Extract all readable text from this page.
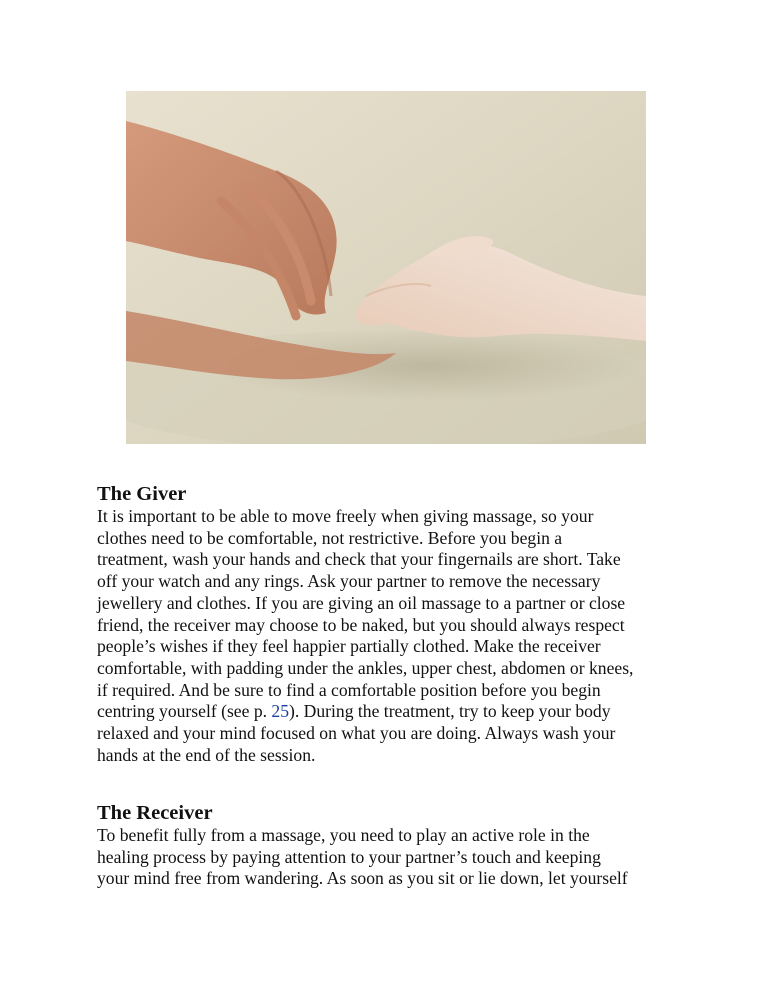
The Giver

It is important to be able to move freely when giving massage, so your
clothes need to be comfortable, not restrictive. Before you begin a
treatment, wash your hands and check that your fingernails are short. Take
off your watch and any rings. Ask your partner to remove the necessary
jewellery and clothes. If you are giving an oil massage to a partner or close
friend, the receiver may choose to be naked, but you should always respect
people’s wishes if they feel happier partially clothed. Make the receiver
comfortable, with padding under the ankles, upper chest, abdomen or knees,
if required. And be sure to find a comfortable position before you begin
centring yourself (see p. 25). During the treatment, try to keep your body
relaxed and your mind focused on what you are doing. Always wash your
hands at the end of the session.

The Receiver

To benefit fully from a massage, you need to play an active role in the
healing process by paying attention to your partner’s touch and keeping
your mind free from wandering. As soon as you sit or lie down, let yourself
